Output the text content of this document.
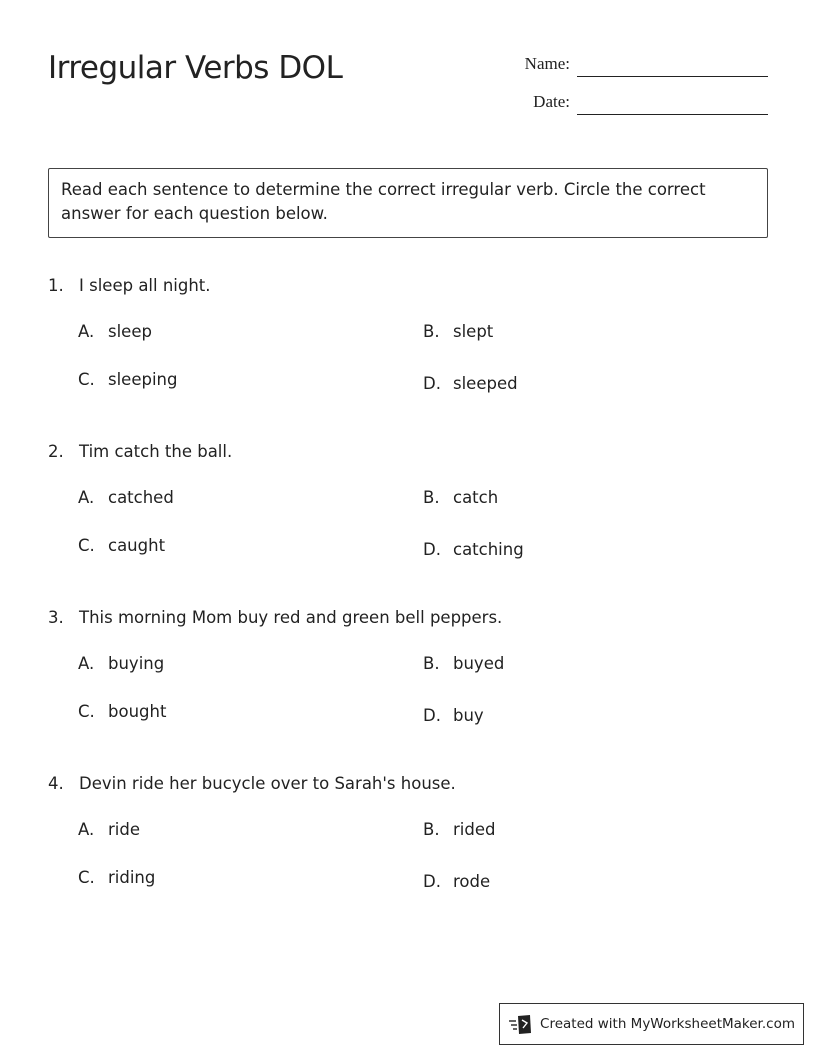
Irregular Verbs DOL	Name:
Date:
Read each sentence to determine the correct irregular verb. Circle the correct answer for each question below.
1. I sleep all night.
A. sleep	B. slept
C. sleeping	D. sleeped
2. Tim catch the ball.
A. catched	B. catch
C. caught	D. catching
3. This morning Mom buy red and green bell peppers.
A. buying	B. buyed
C. bought	D. buy
4. Devin ride her bucycle over to Sarah's house.
A. ride	B. rided
C. riding	D. rode
Created with MyWorksheetMaker.com
